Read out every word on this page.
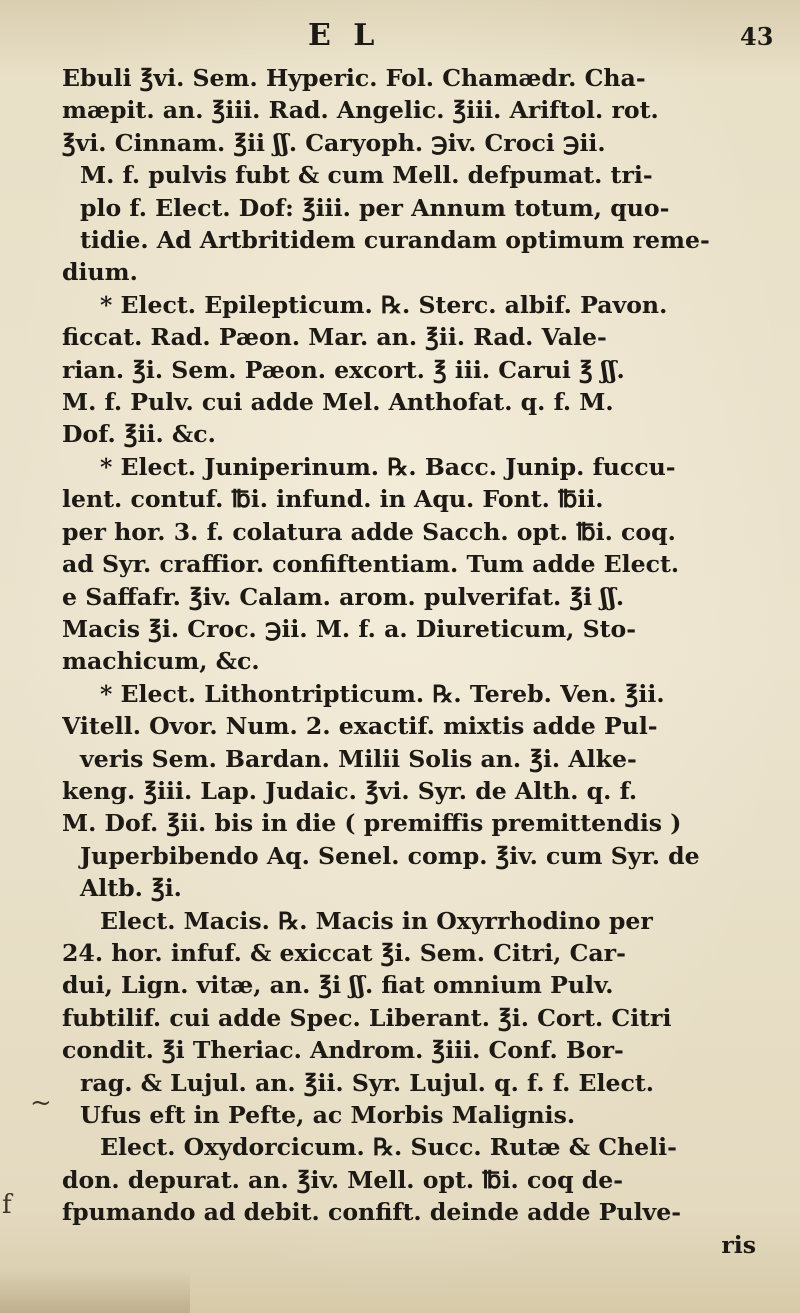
E L	43
Ebuli ℥vi. Sem. Hyperic. Fol. Chamædr. Cha-
mæpit. an. ℥iii. Rad. Angelic. ℥iii. Ariftol. rot.
℥vi. Cinnam. ℥ii ʃʃ. Caryoph. ℈iv. Croci ℈ii.
M. f. pulvis fubt & cum Mell. defpumat. tri-
plo f. Elect. Dof: ℥iii. per Annum totum, quo-
tidie. Ad Artbritidem curandam optimum reme-
dium.
* Elect. Epilepticum. ℞. Sterc. albif. Pavon.
ficcat. Rad. Pæon. Mar. an. ℥ii. Rad. Vale-
rian. ℥i. Sem. Pæon. excort. ℥ iii. Carui ℥ ʃʃ.
M. f. Pulv. cui adde Mel. Anthofat. q. f. M.
Dof. ℥ii. &c.
* Elect. Juniperinum. ℞. Bacc. Junip. fuccu-
lent. contuf. ℔i. infund. in Aqu. Font. ℔ii.
per hor. 3. f. colatura adde Sacch. opt. ℔i. coq.
ad Syr. craffior. confiftentiam. Tum adde Elect.
e Saffafr. ℥iv. Calam. arom. pulverifat. ℥i ʃʃ.
Macis ℥i. Croc. ℈ii. M. f. a. Diureticum, Sto-
machicum, &c.
* Elect. Lithontripticum. ℞. Tereb. Ven. ℥ii.
Vitell. Ovor. Num. 2. exactif. mixtis adde Pul-
veris Sem. Bardan. Milii Solis an. ℥i. Alke-
keng. ℥iii. Lap. Judaic. ℥vi. Syr. de Alth. q. f.
M. Dof. ℥ii. bis in die ( premiffis premittendis )
Juperbibendo Aq. Senel. comp. ℥iv. cum Syr. de
Altb. ℥i.
Elect. Macis. ℞. Macis in Oxyrrhodino per
24. hor. infuf. & exiccat ℥i. Sem. Citri, Car-
dui, Lign. vitæ, an. ℥i ʃʃ. fiat omnium Pulv.
fubtilif. cui adde Spec. Liberant. ℥i. Cort. Citri
condit. ℥i Theriac. Androm. ℥iii. Conf. Bor-
rag. & Lujul. an. ℥ii. Syr. Lujul. q. f. f. Elect.
Ufus eft in Pefte, ac Morbis Malignis.
Elect. Oxydorcicum. ℞. Succ. Rutæ & Cheli-
don. depurat. an. ℥iv. Mell. opt. ℔i. coq de-
fpumando ad debit. confift. deinde adde Pulve-
ris
f
~
